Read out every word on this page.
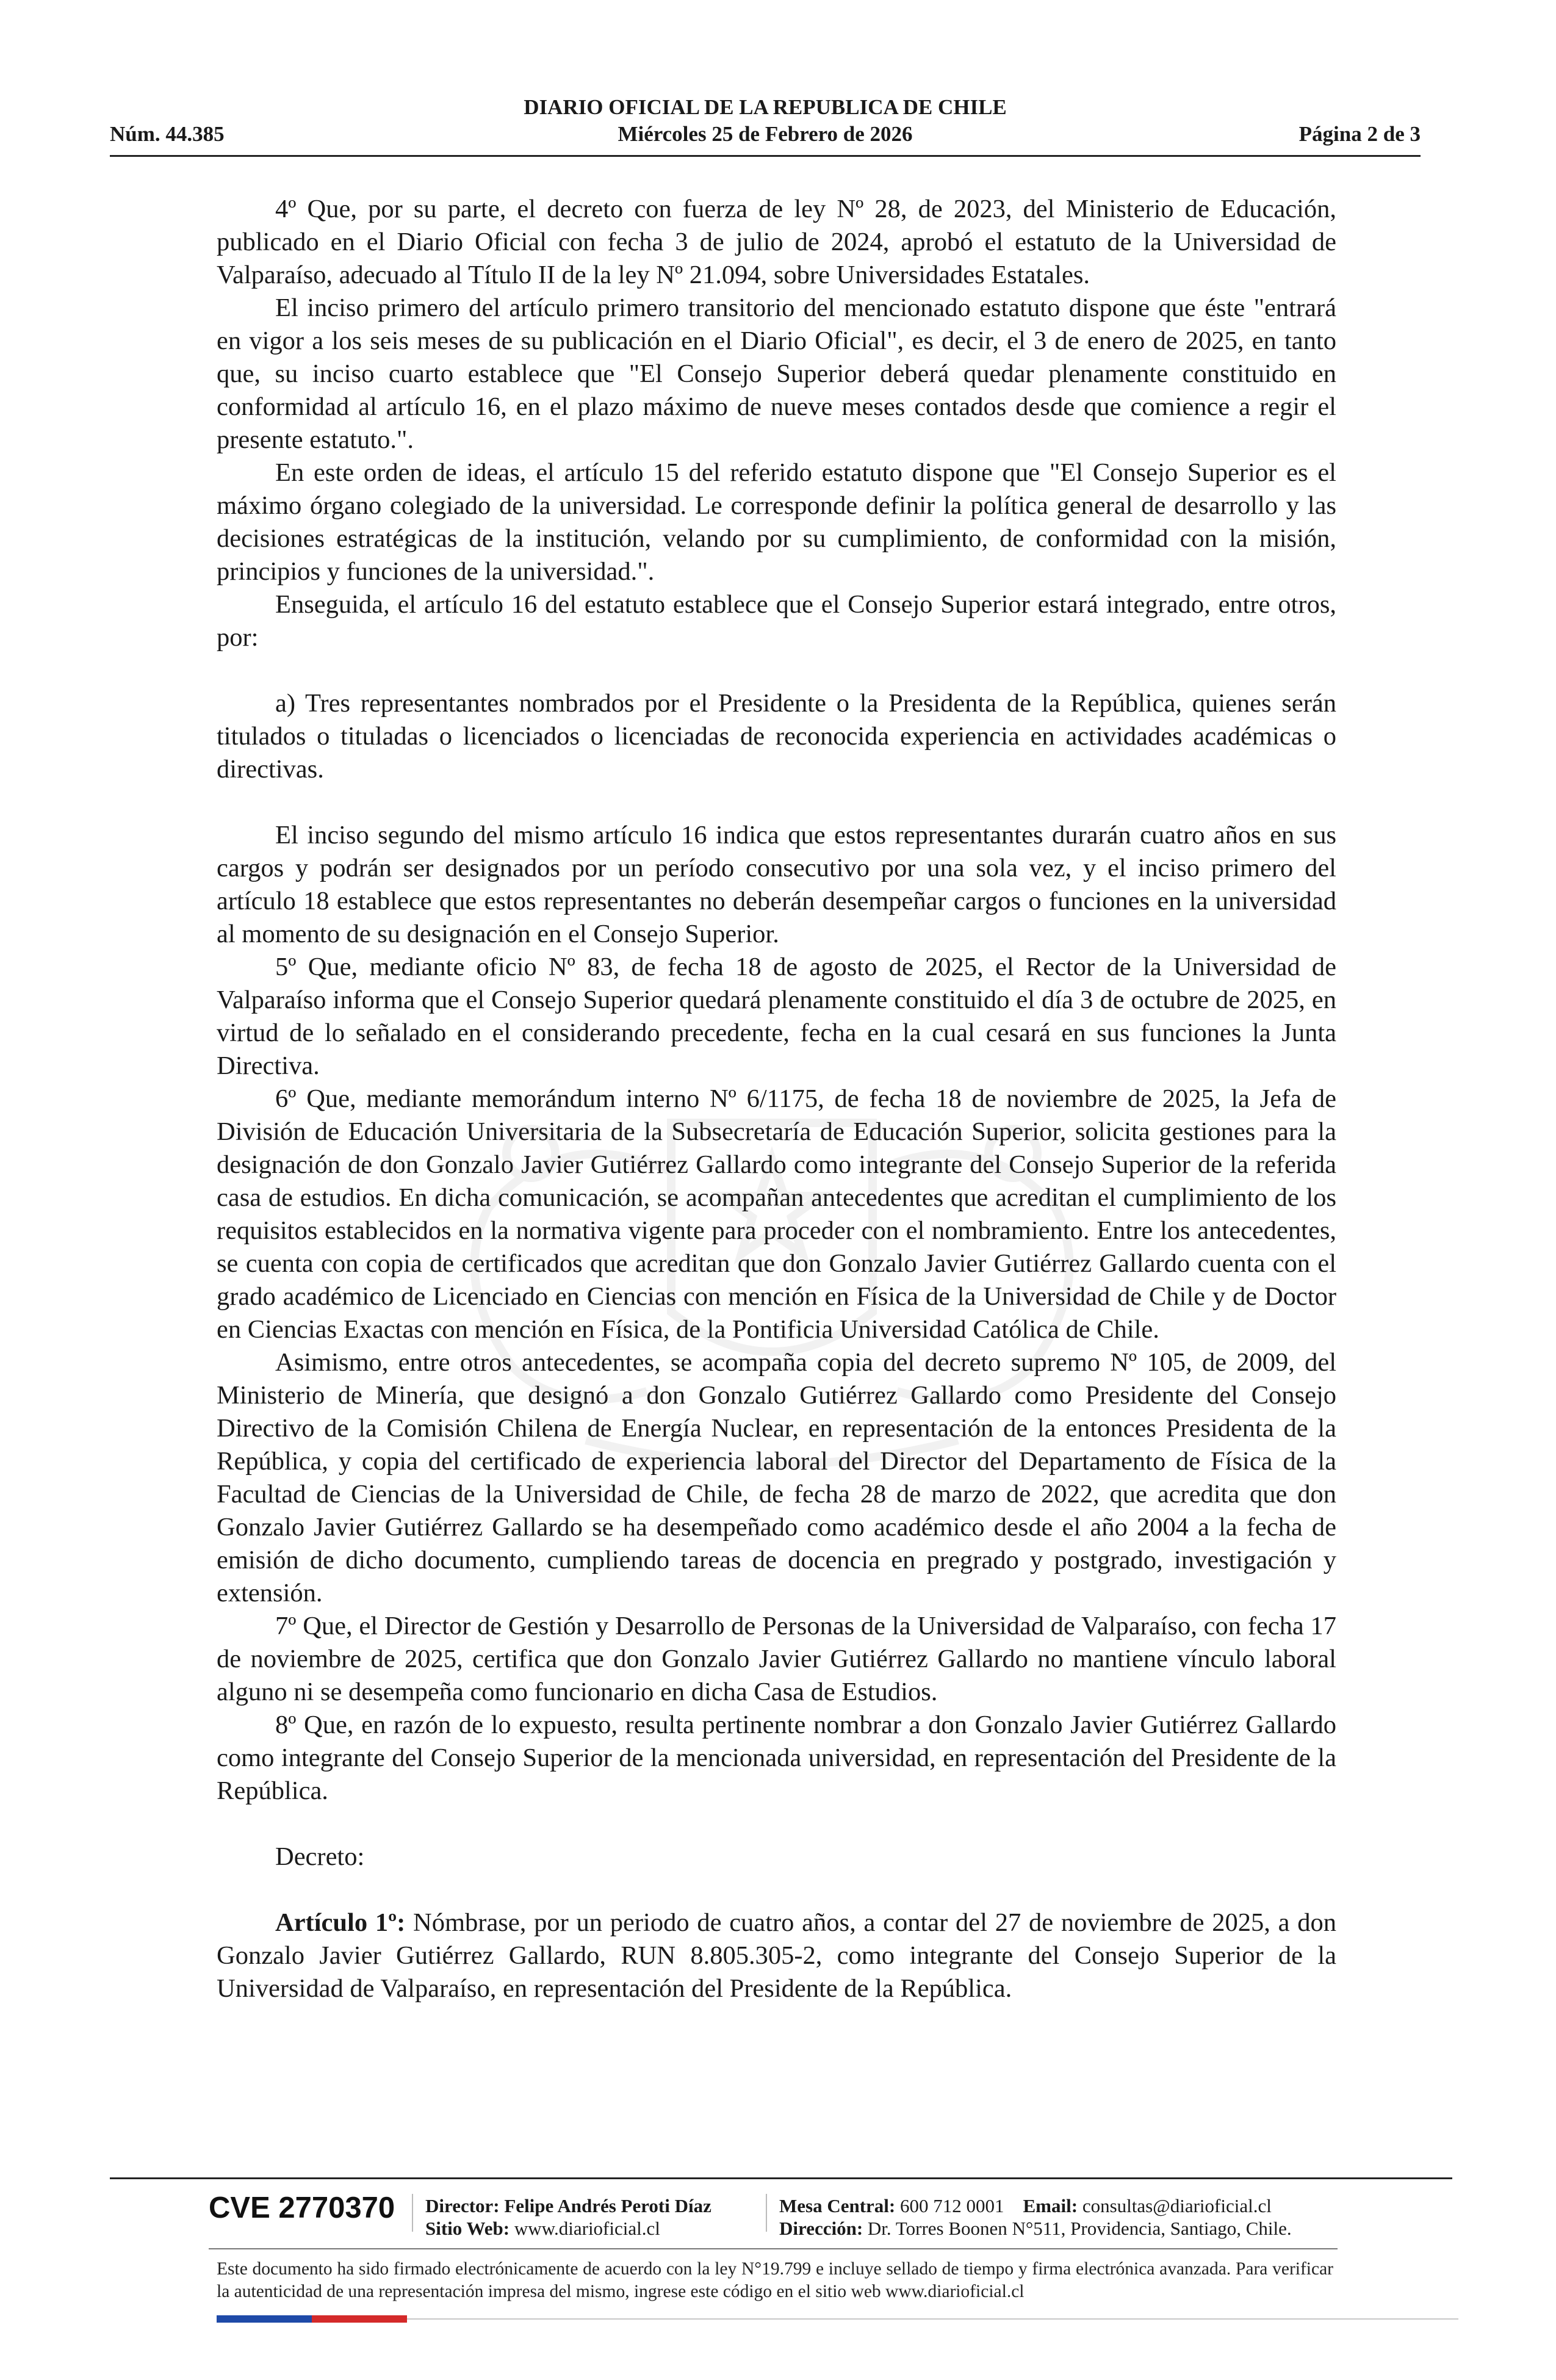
DIARIO OFICIAL DE LA REPUBLICA DE CHILE
Núm. 44.385	Miércoles 25 de Febrero de 2026	Página 2 de 3

4º Que, por su parte, el decreto con fuerza de ley Nº 28, de 2023, del Ministerio de Educación, publicado en el Diario Oficial con fecha 3 de julio de 2024, aprobó el estatuto de la Universidad de Valparaíso, adecuado al Título II de la ley Nº 21.094, sobre Universidades Estatales.

El inciso primero del artículo primero transitorio del mencionado estatuto dispone que éste "entrará en vigor a los seis meses de su publicación en el Diario Oficial", es decir, el 3 de enero de 2025, en tanto que, su inciso cuarto establece que "El Consejo Superior deberá quedar plenamente constituido en conformidad al artículo 16, en el plazo máximo de nueve meses contados desde que comience a regir el presente estatuto.".

En este orden de ideas, el artículo 15 del referido estatuto dispone que "El Consejo Superior es el máximo órgano colegiado de la universidad. Le corresponde definir la política general de desarrollo y las decisiones estratégicas de la institución, velando por su cumplimiento, de conformidad con la misión, principios y funciones de la universidad.".

Enseguida, el artículo 16 del estatuto establece que el Consejo Superior estará integrado, entre otros, por:

a) Tres representantes nombrados por el Presidente o la Presidenta de la República, quienes serán titulados o tituladas o licenciados o licenciadas de reconocida experiencia en actividades académicas o directivas.

El inciso segundo del mismo artículo 16 indica que estos representantes durarán cuatro años en sus cargos y podrán ser designados por un período consecutivo por una sola vez, y el inciso primero del artículo 18 establece que estos representantes no deberán desempeñar cargos o funciones en la universidad al momento de su designación en el Consejo Superior.

5º Que, mediante oficio Nº 83, de fecha 18 de agosto de 2025, el Rector de la Universidad de Valparaíso informa que el Consejo Superior quedará plenamente constituido el día 3 de octubre de 2025, en virtud de lo señalado en el considerando precedente, fecha en la cual cesará en sus funciones la Junta Directiva.

6º Que, mediante memorándum interno Nº 6/1175, de fecha 18 de noviembre de 2025, la Jefa de División de Educación Universitaria de la Subsecretaría de Educación Superior, solicita gestiones para la designación de don Gonzalo Javier Gutiérrez Gallardo como integrante del Consejo Superior de la referida casa de estudios. En dicha comunicación, se acompañan antecedentes que acreditan el cumplimiento de los requisitos establecidos en la normativa vigente para proceder con el nombramiento. Entre los antecedentes, se cuenta con copia de certificados que acreditan que don Gonzalo Javier Gutiérrez Gallardo cuenta con el grado académico de Licenciado en Ciencias con mención en Física de la Universidad de Chile y de Doctor en Ciencias Exactas con mención en Física, de la Pontificia Universidad Católica de Chile.

Asimismo, entre otros antecedentes, se acompaña copia del decreto supremo Nº 105, de 2009, del Ministerio de Minería, que designó a don Gonzalo Gutiérrez Gallardo como Presidente del Consejo Directivo de la Comisión Chilena de Energía Nuclear, en representación de la entonces Presidenta de la República, y copia del certificado de experiencia laboral del Director del Departamento de Física de la Facultad de Ciencias de la Universidad de Chile, de fecha 28 de marzo de 2022, que acredita que don Gonzalo Javier Gutiérrez Gallardo se ha desempeñado como académico desde el año 2004 a la fecha de emisión de dicho documento, cumpliendo tareas de docencia en pregrado y postgrado, investigación y extensión.

7º Que, el Director de Gestión y Desarrollo de Personas de la Universidad de Valparaíso, con fecha 17 de noviembre de 2025, certifica que don Gonzalo Javier Gutiérrez Gallardo no mantiene vínculo laboral alguno ni se desempeña como funcionario en dicha Casa de Estudios.

8º Que, en razón de lo expuesto, resulta pertinente nombrar a don Gonzalo Javier Gutiérrez Gallardo como integrante del Consejo Superior de la mencionada universidad, en representación del Presidente de la República.

Decreto:

Artículo 1º: Nómbrase, por un periodo de cuatro años, a contar del 27 de noviembre de 2025, a don Gonzalo Javier Gutiérrez Gallardo, RUN 8.805.305-2, como integrante del Consejo Superior de la Universidad de Valparaíso, en representación del Presidente de la República.

CVE 2770370 Director: Felipe Andrés Peroti Díaz
Sitio Web: www.diarioficial.cl
Mesa Central: 600 712 0001 Email: consultas@diarioficial.cl
Dirección: Dr. Torres Boonen N°511, Providencia, Santiago, Chile.
Este documento ha sido firmado electrónicamente de acuerdo con la ley N°19.799 e incluye sellado de tiempo y firma electrónica avanzada. Para verificar la autenticidad de una representación impresa del mismo, ingrese este código en el sitio web www.diarioficial.cl
